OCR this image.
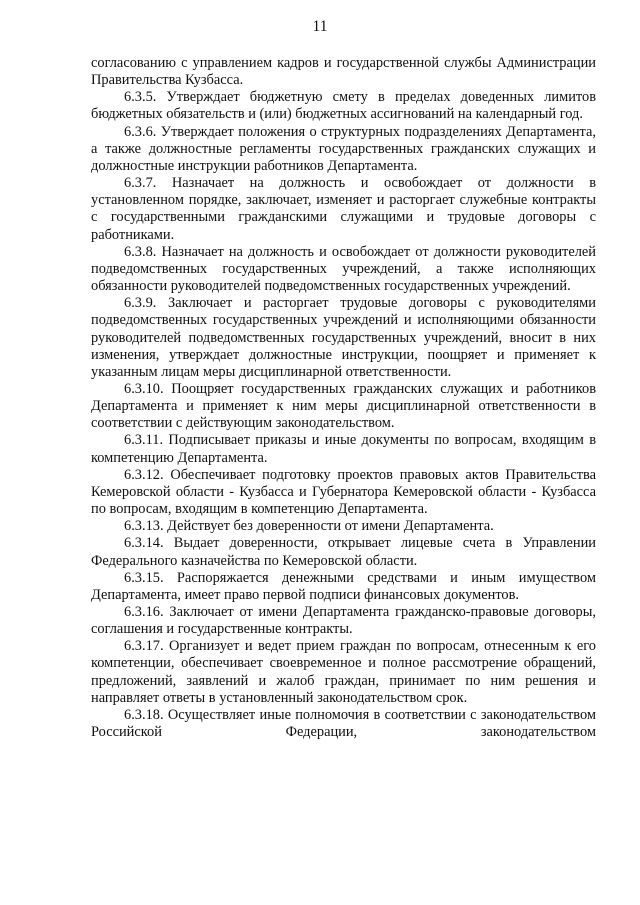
11

согласованию с управлением кадров и государственной службы Администрации Правительства Кузбасса.

6.3.5. Утверждает бюджетную смету в пределах доведенных лимитов бюджетных обязательств и (или) бюджетных ассигнований на календарный год.

6.3.6. Утверждает положения о структурных подразделениях Департамента, а также должностные регламенты государственных гражданских служащих и должностные инструкции работников Департамента.

6.3.7. Назначает на должность и освобождает от должности в установленном порядке, заключает, изменяет и расторгает служебные контракты с государственными гражданскими служащими и трудовые договоры с работниками.

6.3.8. Назначает на должность и освобождает от должности руководителей подведомственных государственных учреждений, а также исполняющих обязанности руководителей подведомственных государственных учреждений.

6.3.9. Заключает и расторгает трудовые договоры с руководителями подведомственных государственных учреждений и исполняющими обязанности руководителей подведомственных государственных учреждений, вносит в них изменения, утверждает должностные инструкции, поощряет и применяет к указанным лицам меры дисциплинарной ответственности.

6.3.10. Поощряет государственных гражданских служащих и работников Департамента и применяет к ним меры дисциплинарной ответственности в соответствии с действующим законодательством.

6.3.11. Подписывает приказы и иные документы по вопросам, входящим в компетенцию Департамента.

6.3.12. Обеспечивает подготовку проектов правовых актов Правительства Кемеровской области - Кузбасса и Губернатора Кемеровской области - Кузбасса по вопросам, входящим в компетенцию Департамента.

6.3.13. Действует без доверенности от имени Департамента.

6.3.14. Выдает доверенности, открывает лицевые счета в Управлении Федерального казначейства по Кемеровской области.

6.3.15. Распоряжается денежными средствами и иным имуществом Департамента, имеет право первой подписи финансовых документов.

6.3.16. Заключает от имени Департамента гражданско-правовые договоры, соглашения и государственные контракты.

6.3.17. Организует и ведет прием граждан по вопросам, отнесенным к его компетенции, обеспечивает своевременное и полное рассмотрение обращений, предложений, заявлений и жалоб граждан, принимает по ним решения и направляет ответы в установленный законодательством срок.

6.3.18. Осуществляет иные полномочия в соответствии с законодательством Российской Федерации, законодательством
